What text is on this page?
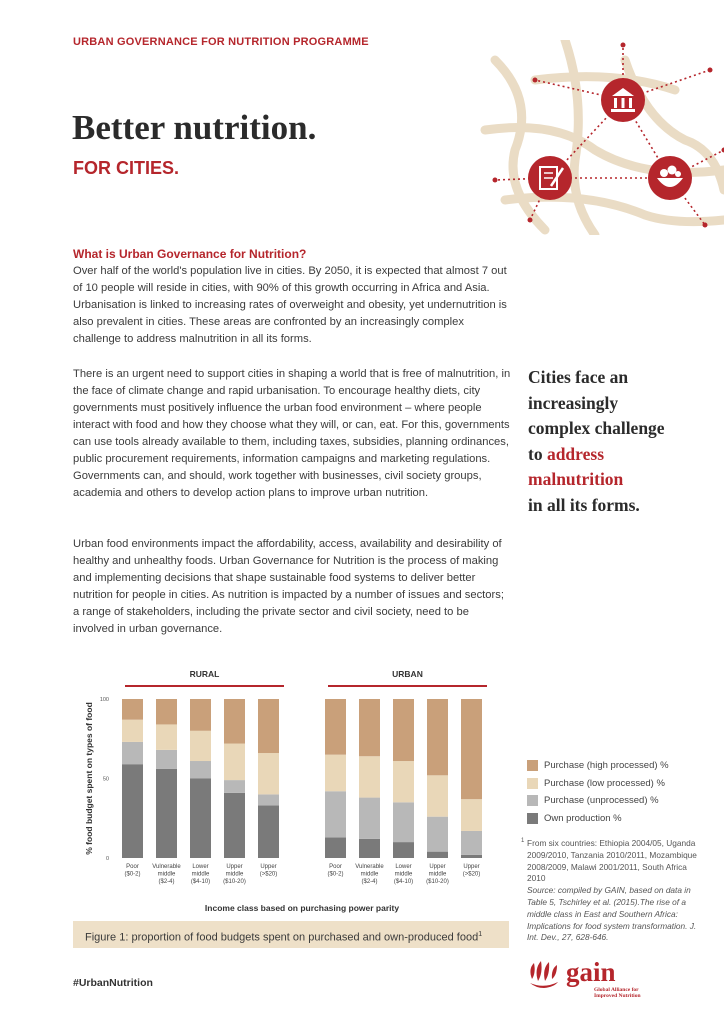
URBAN GOVERNANCE FOR NUTRITION PROGRAMME
Better nutrition.
FOR CITIES.
What is Urban Governance for Nutrition?

Over half of the world's population live in cities. By 2050, it is expected that almost 7 out of 10 people will reside in cities, with 90% of this growth occurring in Africa and Asia. Urbanisation is linked to increasing rates of overweight and obesity, yet undernutrition is also prevalent in cities. These areas are confronted by an increasingly complex challenge to address malnutrition in all its forms.

There is an urgent need to support cities in shaping a world that is free of malnutrition, in the face of climate change and rapid urbanisation. To encourage healthy diets, city governments must positively influence the urban food environment – where people interact with food and how they choose what they will, or can, eat. For this, governments can use tools already available to them, including taxes, subsidies, planning ordinances, public procurement requirements, information campaigns and marketing regulations. Governments can, and should, work together with businesses, civil society groups, academia and others to develop action plans to improve urban nutrition.

Urban food environments impact the affordability, access, availability and desirability of healthy and unhealthy foods. Urban Governance for Nutrition is the process of making and implementing decisions that shape sustainable food systems to deliver better nutrition for people in cities. As nutrition is impacted by a number of issues and sectors; a range of stakeholders, including the private sector and civil society, need to be involved in urban governance.

Cities face an
increasingly
complex challenge
to address
malnutrition
in all its forms.
% food budget spent on types of food
0
50
100
RURAL	URBAN
Poor
($0-2)
Vulnerable
middle
($2-4)
Lower
middle
($4-10)
Upper
middle
($10-20)
Upper
(>$20)
Poor
($0-2)
Vulnerable
middle
($2-4)
Lower
middle
($4-10)
Upper
middle
($10-20)
Upper
(>$20)
Income class based on purchasing power parity
Figure 1: proportion of food budgets spent on purchased and own-produced food$^1$
Purchase (high processed) %
Purchase (low processed) %
Purchase (unprocessed) %
Own production %
1 From six countries: Ethiopia 2004/05, Uganda 2009/2010, Tanzania 2010/2011, Mozambique 2008/2009, Malawi 2001/2011, South Africa 2010
Source: compiled by GAIN, based on data in Table 5, Tschirley et al. (2015).The rise of a middle class in East and Southern Africa: Implications for food system transformation. J. Int. Dev., 27, 628-646.
#UrbanNutrition	gain
Global Alliance for
Improved Nutrition
